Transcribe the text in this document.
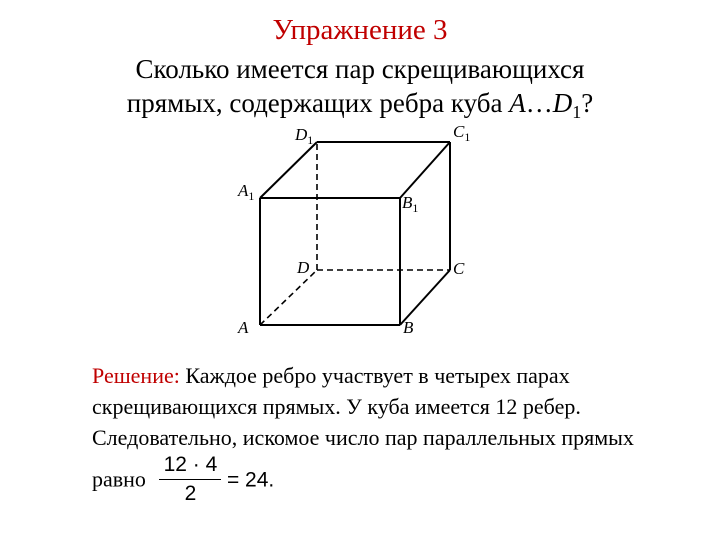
Упражнение 3
Сколько имеется пар скрещивающихся
прямых, содержащих ребра куба $A\dots D_1$?
$D_1$	$C_1$
$A_1$	$B_1$
D	C
A	B
Решение: Каждое ребро участвует в четырех парах скрещивающихся прямых. У куба имеется 12 ребер. Следовательно, искомое число пар параллельных прямых равно $\frac{12 \cdot 4}{2} = 24$.
